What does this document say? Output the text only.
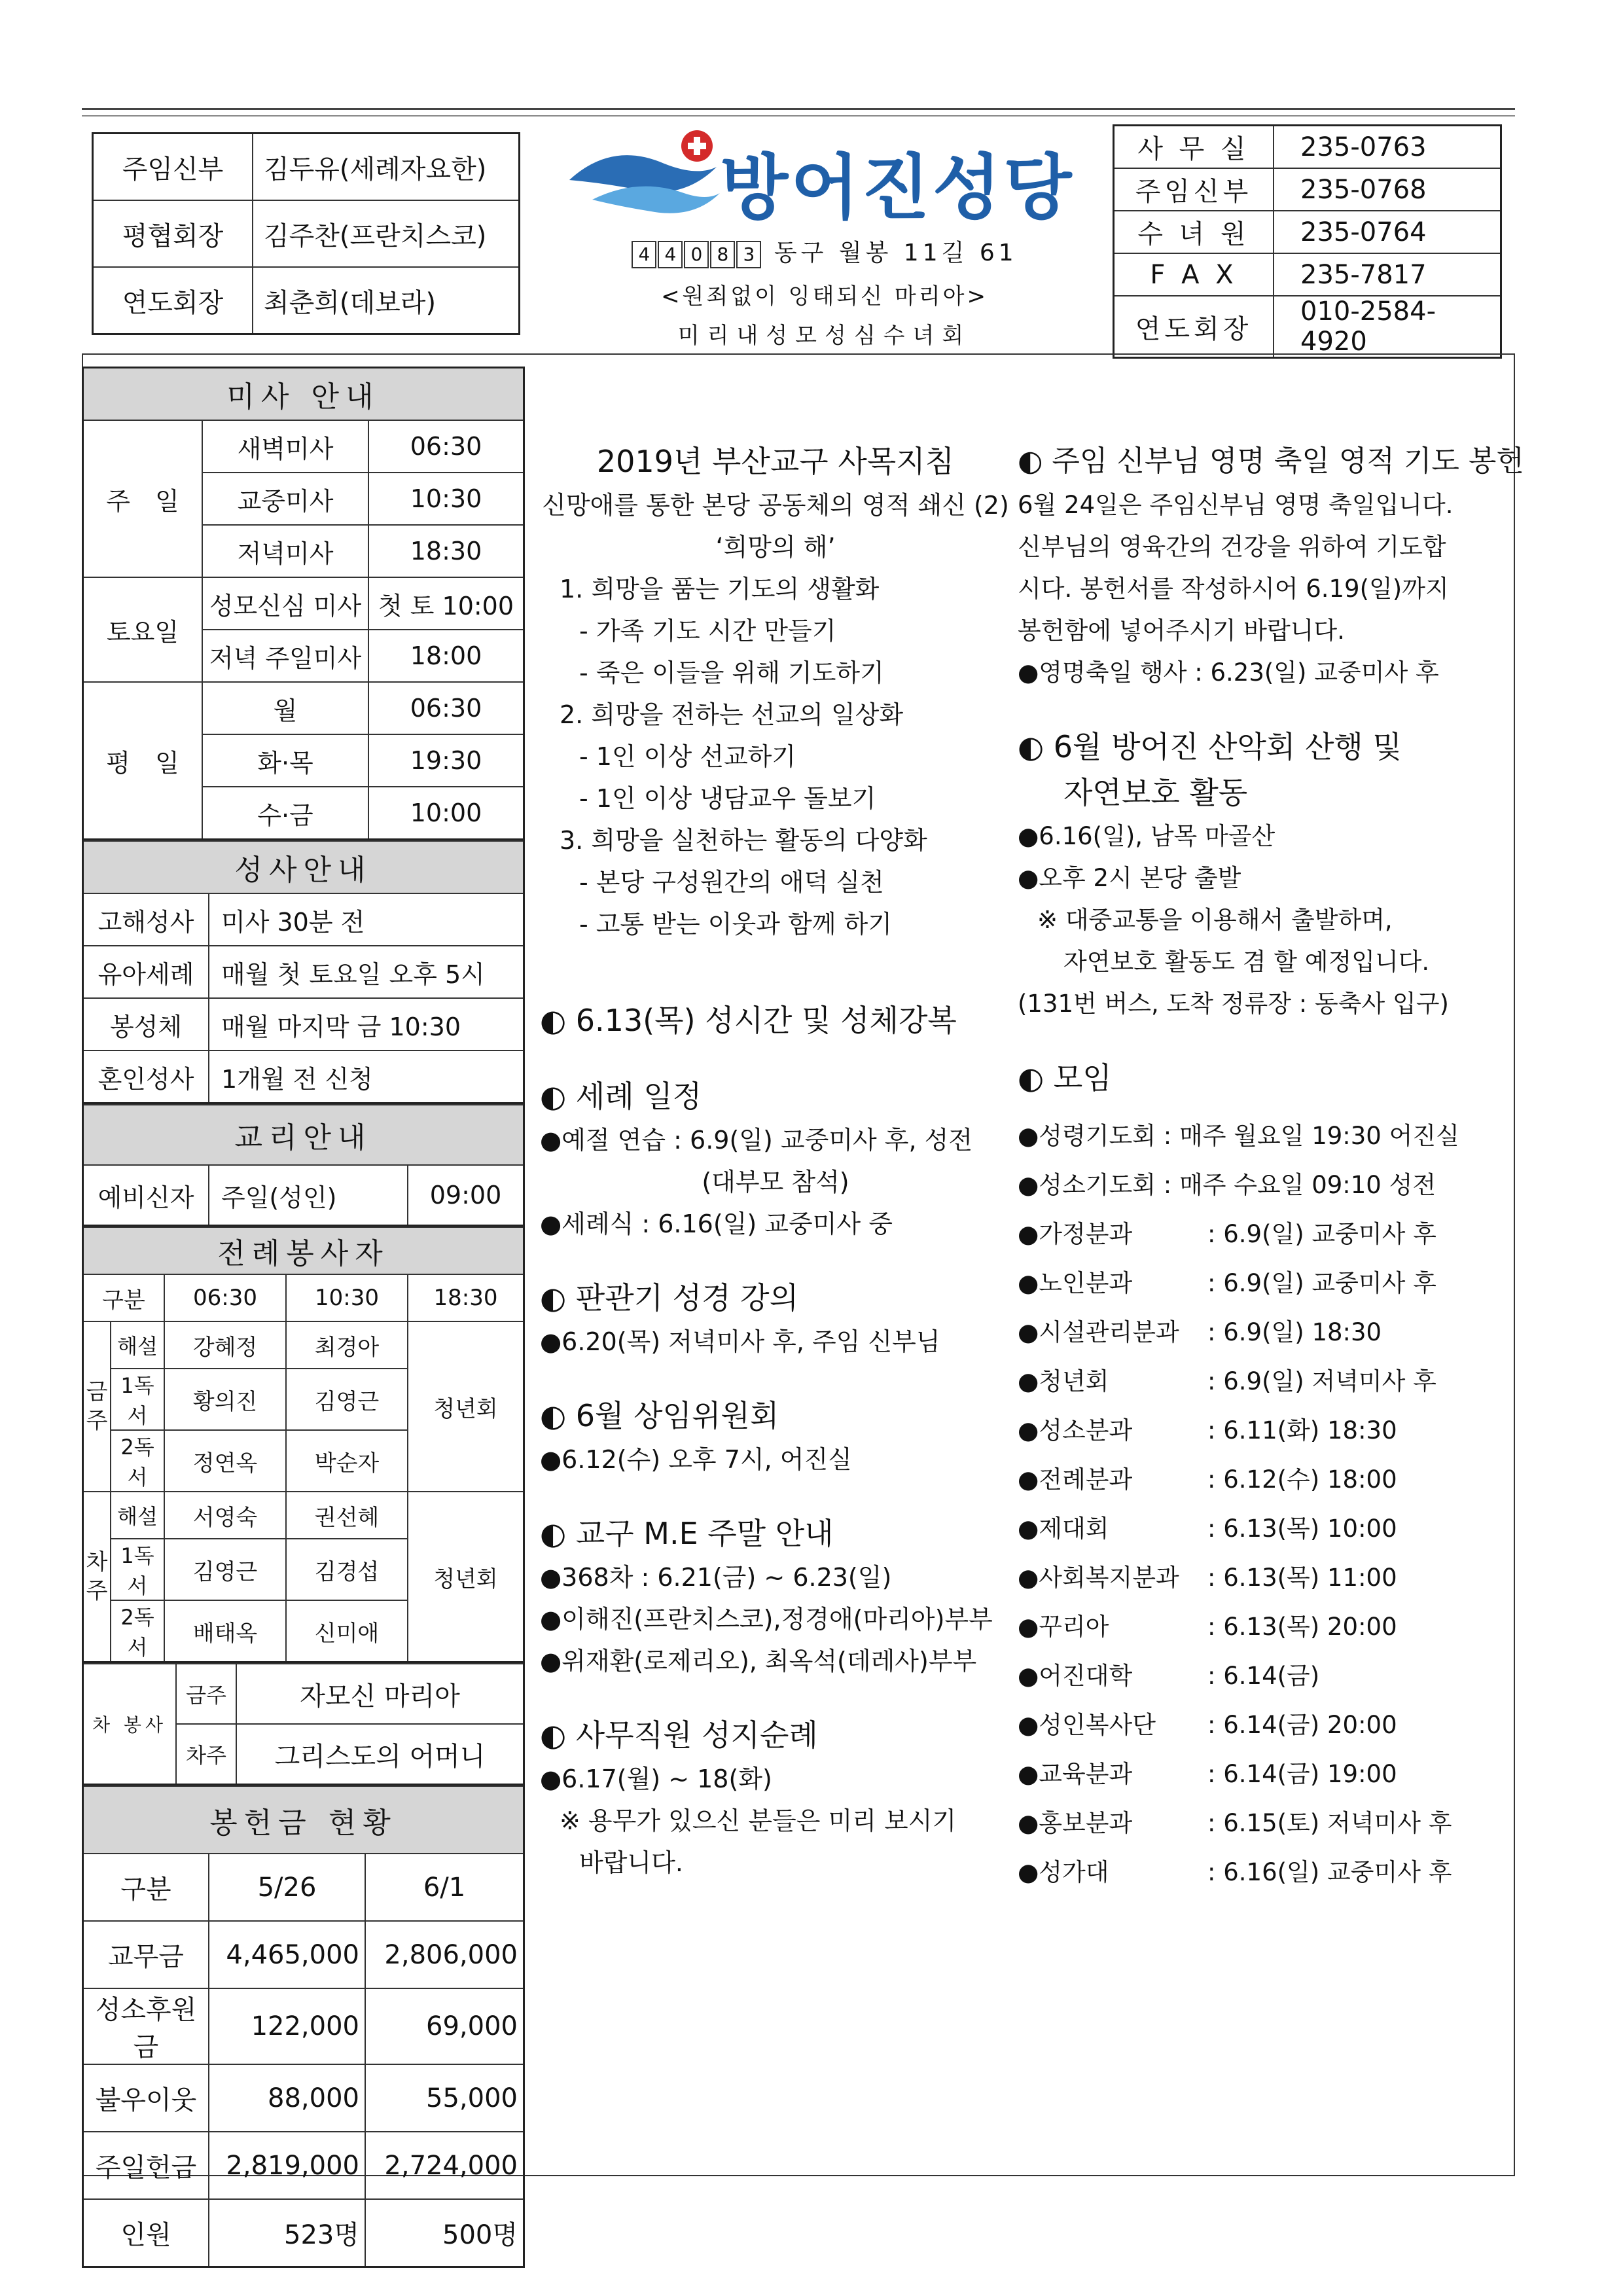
주임신부	김두유(세례자요한)
평협회장	김주찬(프란치스코)
연도회장	최춘희(데보라)
방어진성당
4 4 0 8 3 동구 월봉 11길 61
<원죄없이 잉태되신 마리아>
미리내성모성심수녀회
사 무 실	235-0763
주임신부	235-0768
수 녀 원	235-0764
F A X	235-7817
연도회장	010-2584-4920
미사 안내		
주　일	새벽미사	06:30
	교중미사	10:30
	저녁미사	18:30
토요일	성모신심 미사	첫 토 10:00
	저녁 주일미사	18:00
평　일	월	06:30
	화·목	19:30
	수·금	10:00
성사안내	
고해성사	미사 30분 전
유아세례	매월 첫 토요일 오후 5시
봉성체	매월 마지막 금 10:30
혼인성사	1개월 전 신청
교리안내
예비신자	주일(성인)	09:00
전례봉사자				
구분		06:30	10:30	18:30
금주	해설	강혜정	최경아	청년회
	1독서	황의진	김영근	
	2독서	정연옥	박순자	
차주	해설	서영숙	권선혜	청년회
	1독서	김영근	김경섭	
	2독서	배태옥	신미애	
차 봉사	금주	자모신 마리아
	차주	그리스도의 어머니
봉헌금 현황		
구분	5/26	6/1
교무금	4,465,000	2,806,000
성소후원금	122,000	69,000
불우이웃	88,000	55,000
주일헌금	2,819,000	2,724,000
인원	523명	500명

2019년 부산교구 사목지침

신망애를 통한 본당 공동체의 영적 쇄신 (2)

‘희망의 해’

1. 희망을 품는 기도의 생활화

- 가족 기도 시간 만들기

- 죽은 이들을 위해 기도하기

2. 희망을 전하는 선교의 일상화

- 1인 이상 선교하기

- 1인 이상 냉담교우 돌보기

3. 희망을 실천하는 활동의 다양화

- 본당 구성원간의 애덕 실천

- 고통 받는 이웃과 함께 하기

◐ 6.13(목) 성시간 및 성체강복

◐ 세례 일정

●예절 연습 : 6.9(일) 교중미사 후, 성전

(대부모 참석)

●세례식 : 6.16(일) 교중미사 중

◐ 판관기 성경 강의

●6.20(목) 저녁미사 후, 주임 신부님

◐ 6월 상임위원회

●6.12(수) 오후 7시, 어진실

◐ 교구 M.E 주말 안내

●368차 : 6.21(금) ~ 6.23(일)

●이해진(프란치스코),정경애(마리아)부부

●위재환(로제리오), 최옥석(데레사)부부

◐ 사무직원 성지순례

●6.17(월) ~ 18(화)

※ 용무가 있으신 분들은 미리 보시기

바랍니다.

◐ 주임 신부님 영명 축일 영적 기도 봉헌

6월 24일은 주임신부님 영명 축일입니다.

신부님의 영육간의 건강을 위하여 기도합

시다. 봉헌서를 작성하시어 6.19(일)까지

봉헌함에 넣어주시기 바랍니다.

●영명축일 행사 : 6.23(일) 교중미사 후

◐ 6월 방어진 산악회 산행 및

자연보호 활동

●6.16(일), 남목 마골산

●오후 2시 본당 출발

※ 대중교통을 이용해서 출발하며,

자연보호 활동도 겸 할 예정입니다.

(131번 버스, 도착 정류장 : 동축사 입구)

◐ 모임

●성령기도회 : 매주 월요일 19:30 어진실

●성소기도회 : 매주 수요일 09:10 성전

●가정분과	: 6.9(일) 교중미사 후

●노인분과	: 6.9(일) 교중미사 후

●시설관리분과 : 6.9(일) 18:30

●청년회	: 6.9(일) 저녁미사 후

●성소분과	: 6.11(화) 18:30

●전례분과	: 6.12(수) 18:00

●제대회	: 6.13(목) 10:00

●사회복지분과 : 6.13(목) 11:00

●꾸리아	: 6.13(목) 20:00

●어진대학	: 6.14(금)

●성인복사단 : 6.14(금) 20:00

●교육분과	: 6.14(금) 19:00

●홍보분과	: 6.15(토) 저녁미사 후

●성가대	: 6.16(일) 교중미사 후
